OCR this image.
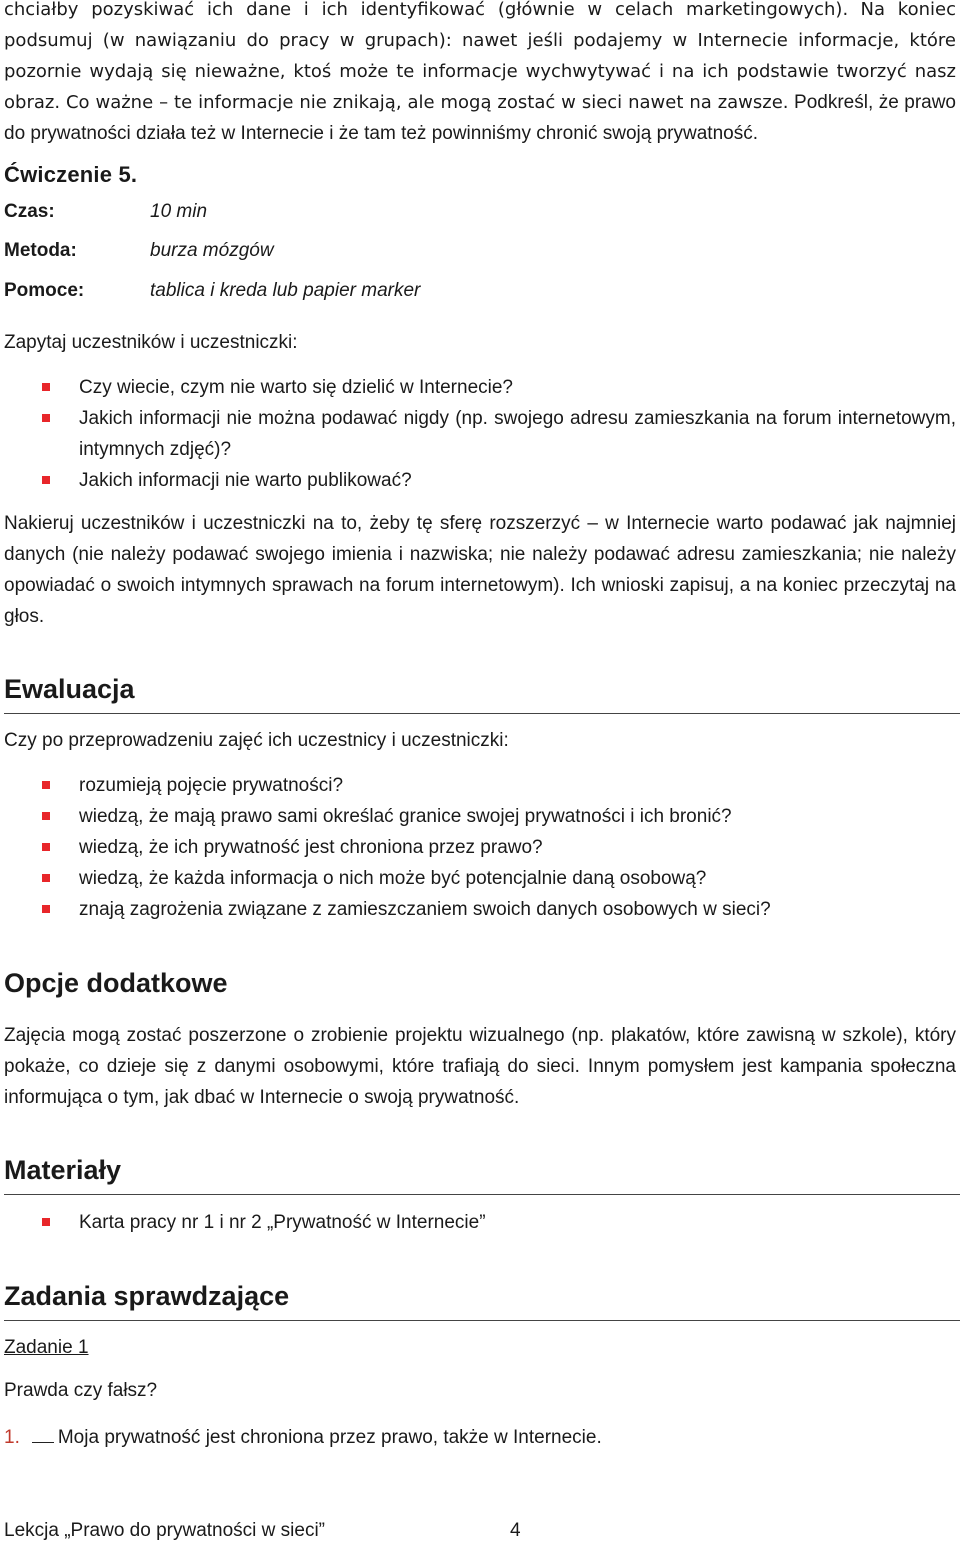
chciałby pozyskiwać ich dane i ich identyfikować (głównie w celach marketingowych). Na koniec podsumuj (w nawiązaniu do pracy w grupach): nawet jeśli podajemy w Internecie informacje, które pozornie wydają się nieważne, ktoś może te informacje wychwytywać i na ich podstawie tworzyć nasz obraz. Co ważne – te informacje nie znikają, ale mogą zostać w sieci nawet na zawsze. Podkreśl, że prawo do prywatności działa też w Internecie i że tam też powinniśmy chronić swoją prywatność.

Ćwiczenie 5.
Czas:	10 min
Metoda:	burza mózgów
Pomoce:	tablica i kreda lub papier marker

Zapytaj uczestników i uczestniczki:

Czy wiecie, czym nie warto się dzielić w Internecie?
Jakich informacji nie można podawać nigdy (np. swojego adresu zamieszkania na forum internetowym, intymnych zdjęć)?
Jakich informacji nie warto publikować?

Nakieruj uczestników i uczestniczki na to, żeby tę sferę rozszerzyć – w Internecie warto podawać jak najmniej danych (nie należy podawać swojego imienia i nazwiska; nie należy podawać adresu zamieszkania; nie należy opowiadać o swoich intymnych sprawach na forum internetowym). Ich wnioski zapisuj, a na koniec przeczytaj na głos.

Ewaluacja

Czy po przeprowadzeniu zajęć ich uczestnicy i uczestniczki:

rozumieją pojęcie prywatności?
wiedzą, że mają prawo sami określać granice swojej prywatności i ich bronić?
wiedzą, że ich prywatność jest chroniona przez prawo?
wiedzą, że każda informacja o nich może być potencjalnie daną osobową?
znają zagrożenia związane z zamieszczaniem swoich danych osobowych w sieci?
Opcje dodatkowe

Zajęcia mogą zostać poszerzone o zrobienie projektu wizualnego (np. plakatów, które zawisną w szkole), który pokaże, co dzieje się z danymi osobowymi, które trafiają do sieci. Innym pomysłem jest kampania społeczna informująca o tym, jak dbać w Internecie o swoją prywatność.

Materiały
Karta pracy nr 1 i nr 2 „Prywatność w Internecie”
Zadania sprawdzające

Zadanie 1

Prawda czy fałsz?

1. Moja prywatność jest chroniona przez prawo, także w Internecie.

Lekcja „Prawo do prywatności w sieci”	4
